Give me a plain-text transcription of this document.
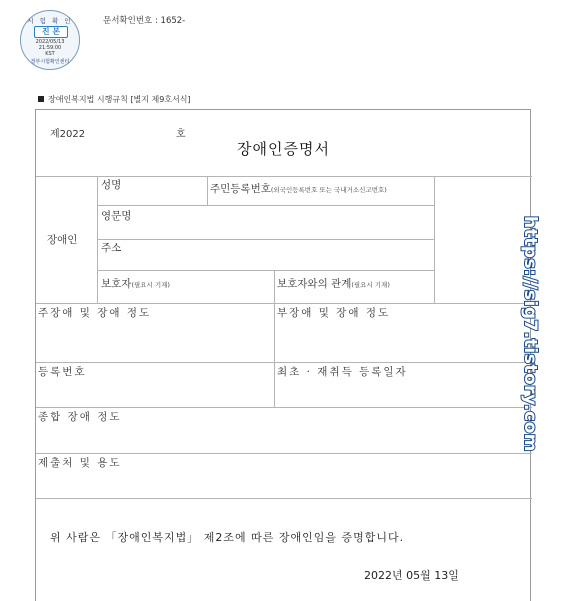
시 험 확 인
진 본
2022/05/13
21:59:00
KST
정부시험확인센터
문서확인번호 : 1652-
장애인복지법 시행규칙 [별지 제9호서식]
제2022	호
장애인증명서
장애인
성명	주민등록번호(외국인등록번호 또는 국내거소신고번호)
영문명
주소
보호자(필요시 기재)	보호자와의 관계(필요시 기재)
주장애 및 장애 정도	부장애 및 장애 정도
등록번호	최초 · 재취득 등록일자
종합 장애 정도
제출처 및 용도
위 사람은 「장애인복지법」 제2조에 따른 장애인임을 증명합니다.
2022년 05월 13일
https://sig7.tistory.com
